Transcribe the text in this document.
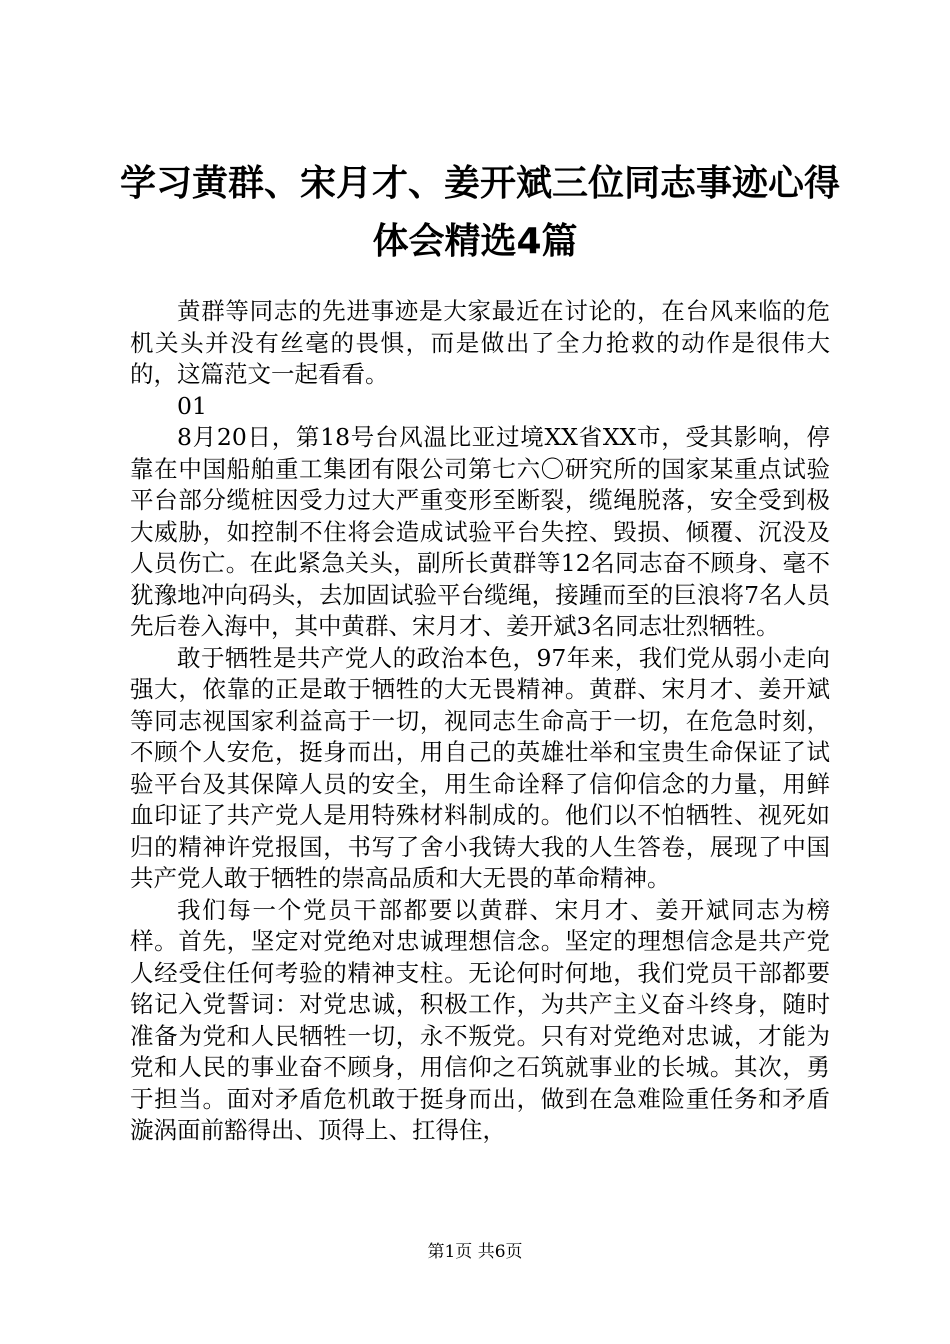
学习黄群、宋月才、姜开斌三位同志事迹心得
体会精选4篇

黄群等同志的先进事迹是大家最近在讨论的，在台风来临的危机关头并没有丝毫的畏惧，而是做出了全力抢救的动作是很伟大的，这篇范文一起看看。

01

8月20日，第18号台风温比亚过境XX省XX市，受其影响，停靠在中国船舶重工集团有限公司第七六〇研究所的国家某重点试验平台部分缆桩因受力过大严重变形至断裂，缆绳脱落，安全受到极大威胁，如控制不住将会造成试验平台失控、毁损、倾覆、沉没及人员伤亡。在此紧急关头，副所长黄群等12名同志奋不顾身、毫不犹豫地冲向码头，去加固试验平台缆绳，接踵而至的巨浪将7名人员先后卷入海中，其中黄群、宋月才、姜开斌3名同志壮烈牺牲。

敢于牺牲是共产党人的政治本色，97年来，我们党从弱小走向强大，依靠的正是敢于牺牲的大无畏精神。黄群、宋月才、姜开斌等同志视国家利益高于一切，视同志生命高于一切，在危急时刻，不顾个人安危，挺身而出，用自己的英雄壮举和宝贵生命保证了试验平台及其保障人员的安全，用生命诠释了信仰信念的力量，用鲜血印证了共产党人是用特殊材料制成的。他们以不怕牺牲、视死如归的精神许党报国，书写了舍小我铸大我的人生答卷，展现了中国共产党人敢于牺牲的崇高品质和大无畏的革命精神。

我们每一个党员干部都要以黄群、宋月才、姜开斌同志为榜样。首先，坚定对党绝对忠诚理想信念。坚定的理想信念是共产党人经受住任何考验的精神支柱。无论何时何地，我们党员干部都要铭记入党誓词：对党忠诚，积极工作，为共产主义奋斗终身，随时准备为党和人民牺牲一切，永不叛党。只有对党绝对忠诚，才能为党和人民的事业奋不顾身，用信仰之石筑就事业的长城。其次，勇于担当。面对矛盾危机敢于挺身而出，做到在急难险重任务和矛盾漩涡面前豁得出、顶得上、扛得住，

第1页 共6页
